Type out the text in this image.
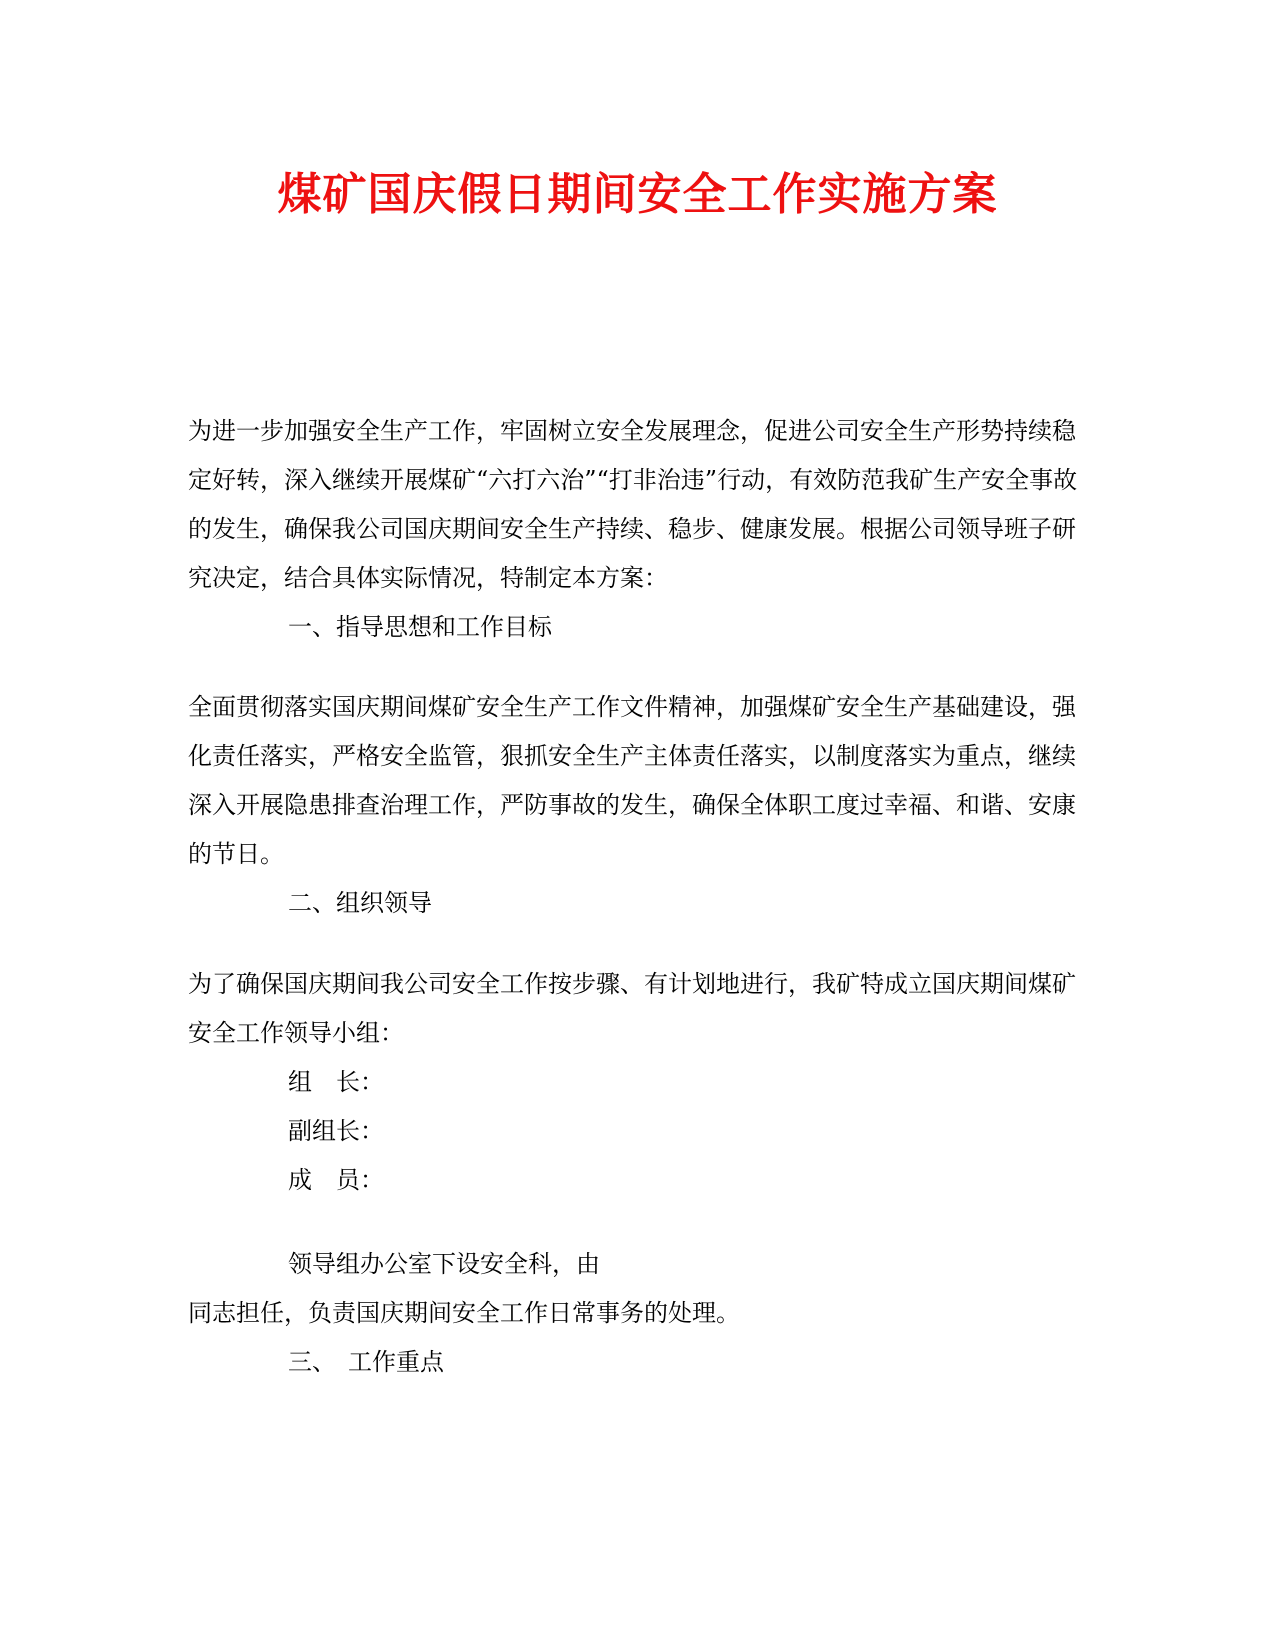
煤矿国庆假日期间安全工作实施方案

为进一步加强安全生产工作，牢固树立安全发展理念，促进公司安全生产形势持续稳定好转，深入继续开展煤矿“六打六治”“打非治违”行动，有效防范我矿生产安全事故的发生，确保我公司国庆期间安全生产持续、稳步、健康发展。根据公司领导班子研究决定，结合具体实际情况，特制定本方案：

一、指导思想和工作目标

全面贯彻落实国庆期间煤矿安全生产工作文件精神，加强煤矿安全生产基础建设，强化责任落实，严格安全监管，狠抓安全生产主体责任落实，以制度落实为重点，继续深入开展隐患排查治理工作，严防事故的发生，确保全体职工度过幸福、和谐、安康的节日。

二、组织领导

为了确保国庆期间我公司安全工作按步骤、有计划地进行，我矿特成立国庆期间煤矿安全工作领导小组：

组　长：

副组长：

成　员：

领导组办公室下设安全科，由

同志担任，负责国庆期间安全工作日常事务的处理。

三、　工作重点
